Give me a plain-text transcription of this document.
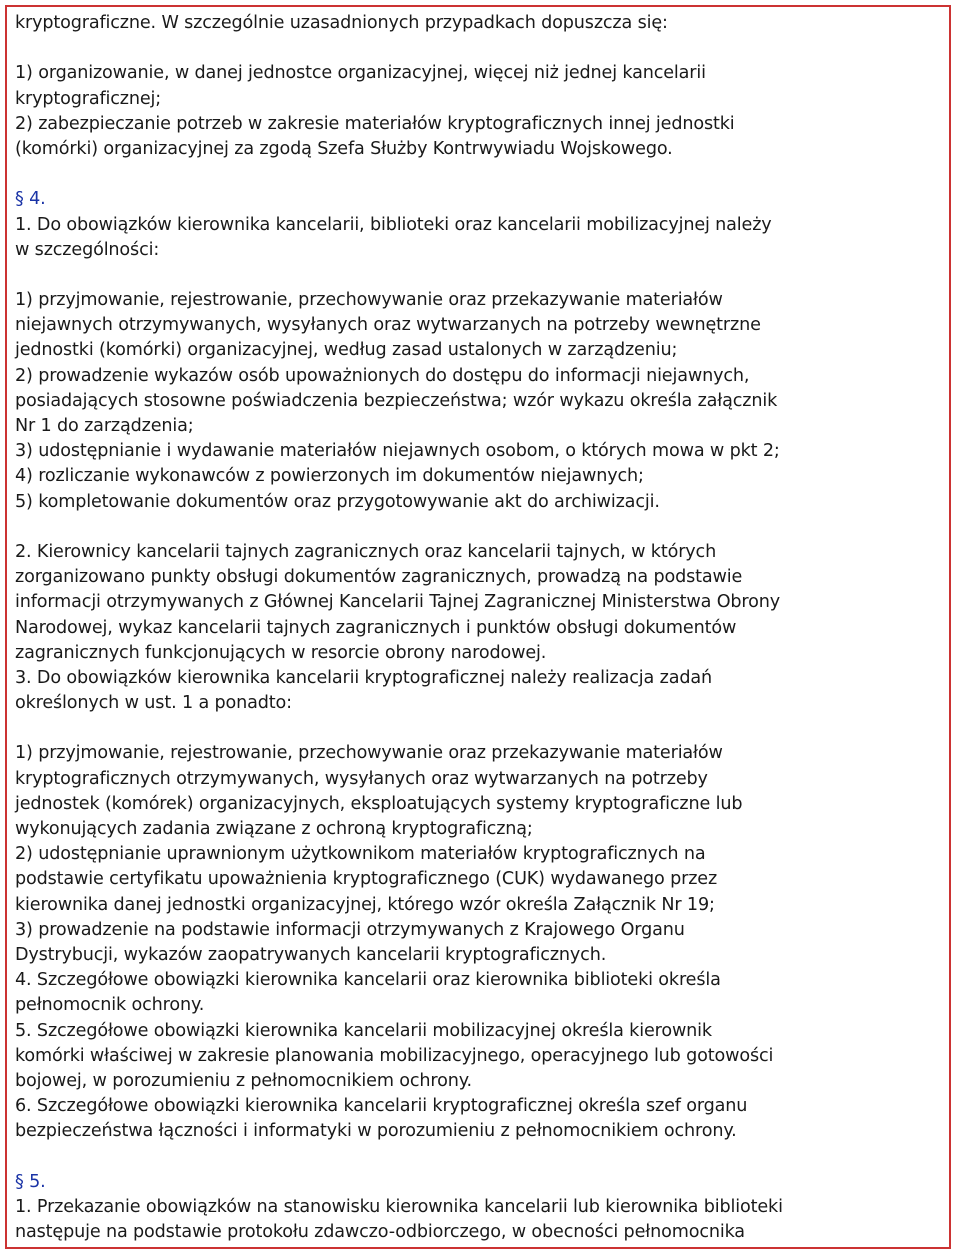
kryptograficzne. W szczególnie uzasadnionych przypadkach dopuszcza się:
1) organizowanie, w danej jednostce organizacyjnej, więcej niż jednej kancelarii
kryptograficznej;
2) zabezpieczanie potrzeb w zakresie materiałów kryptograficznych innej jednostki
(komórki) organizacyjnej za zgodą Szefa Służby Kontrwywiadu Wojskowego.
§ 4.
1. Do obowiązków kierownika kancelarii, biblioteki oraz kancelarii mobilizacyjnej należy
w szczególności:
1) przyjmowanie, rejestrowanie, przechowywanie oraz przekazywanie materiałów
niejawnych otrzymywanych, wysyłanych oraz wytwarzanych na potrzeby wewnętrzne
jednostki (komórki) organizacyjnej, według zasad ustalonych w zarządzeniu;
2) prowadzenie wykazów osób upoważnionych do dostępu do informacji niejawnych,
posiadających stosowne poświadczenia bezpieczeństwa; wzór wykazu określa załącznik
Nr 1 do zarządzenia;
3) udostępnianie i wydawanie materiałów niejawnych osobom, o których mowa w pkt 2;
4) rozliczanie wykonawców z powierzonych im dokumentów niejawnych;
5) kompletowanie dokumentów oraz przygotowywanie akt do archiwizacji.
2. Kierownicy kancelarii tajnych zagranicznych oraz kancelarii tajnych, w których
zorganizowano punkty obsługi dokumentów zagranicznych, prowadzą na podstawie
informacji otrzymywanych z Głównej Kancelarii Tajnej Zagranicznej Ministerstwa Obrony
Narodowej, wykaz kancelarii tajnych zagranicznych i punktów obsługi dokumentów
zagranicznych funkcjonujących w resorcie obrony narodowej.
3. Do obowiązków kierownika kancelarii kryptograficznej należy realizacja zadań
określonych w ust. 1 a ponadto:
1) przyjmowanie, rejestrowanie, przechowywanie oraz przekazywanie materiałów
kryptograficznych otrzymywanych, wysyłanych oraz wytwarzanych na potrzeby
jednostek (komórek) organizacyjnych, eksploatujących systemy kryptograficzne lub
wykonujących zadania związane z ochroną kryptograficzną;
2) udostępnianie uprawnionym użytkownikom materiałów kryptograficznych na
podstawie certyfikatu upoważnienia kryptograficznego (CUK) wydawanego przez
kierownika danej jednostki organizacyjnej, którego wzór określa Załącznik Nr 19;
3) prowadzenie na podstawie informacji otrzymywanych z Krajowego Organu
Dystrybucji, wykazów zaopatrywanych kancelarii kryptograficznych.
4. Szczegółowe obowiązki kierownika kancelarii oraz kierownika biblioteki określa
pełnomocnik ochrony.
5. Szczegółowe obowiązki kierownika kancelarii mobilizacyjnej określa kierownik
komórki właściwej w zakresie planowania mobilizacyjnego, operacyjnego lub gotowości
bojowej, w porozumieniu z pełnomocnikiem ochrony.
6. Szczegółowe obowiązki kierownika kancelarii kryptograficznej określa szef organu
bezpieczeństwa łączności i informatyki w porozumieniu z pełnomocnikiem ochrony.
§ 5.
1. Przekazanie obowiązków na stanowisku kierownika kancelarii lub kierownika biblioteki
następuje na podstawie protokołu zdawczo-odbiorczego, w obecności pełnomocnika
